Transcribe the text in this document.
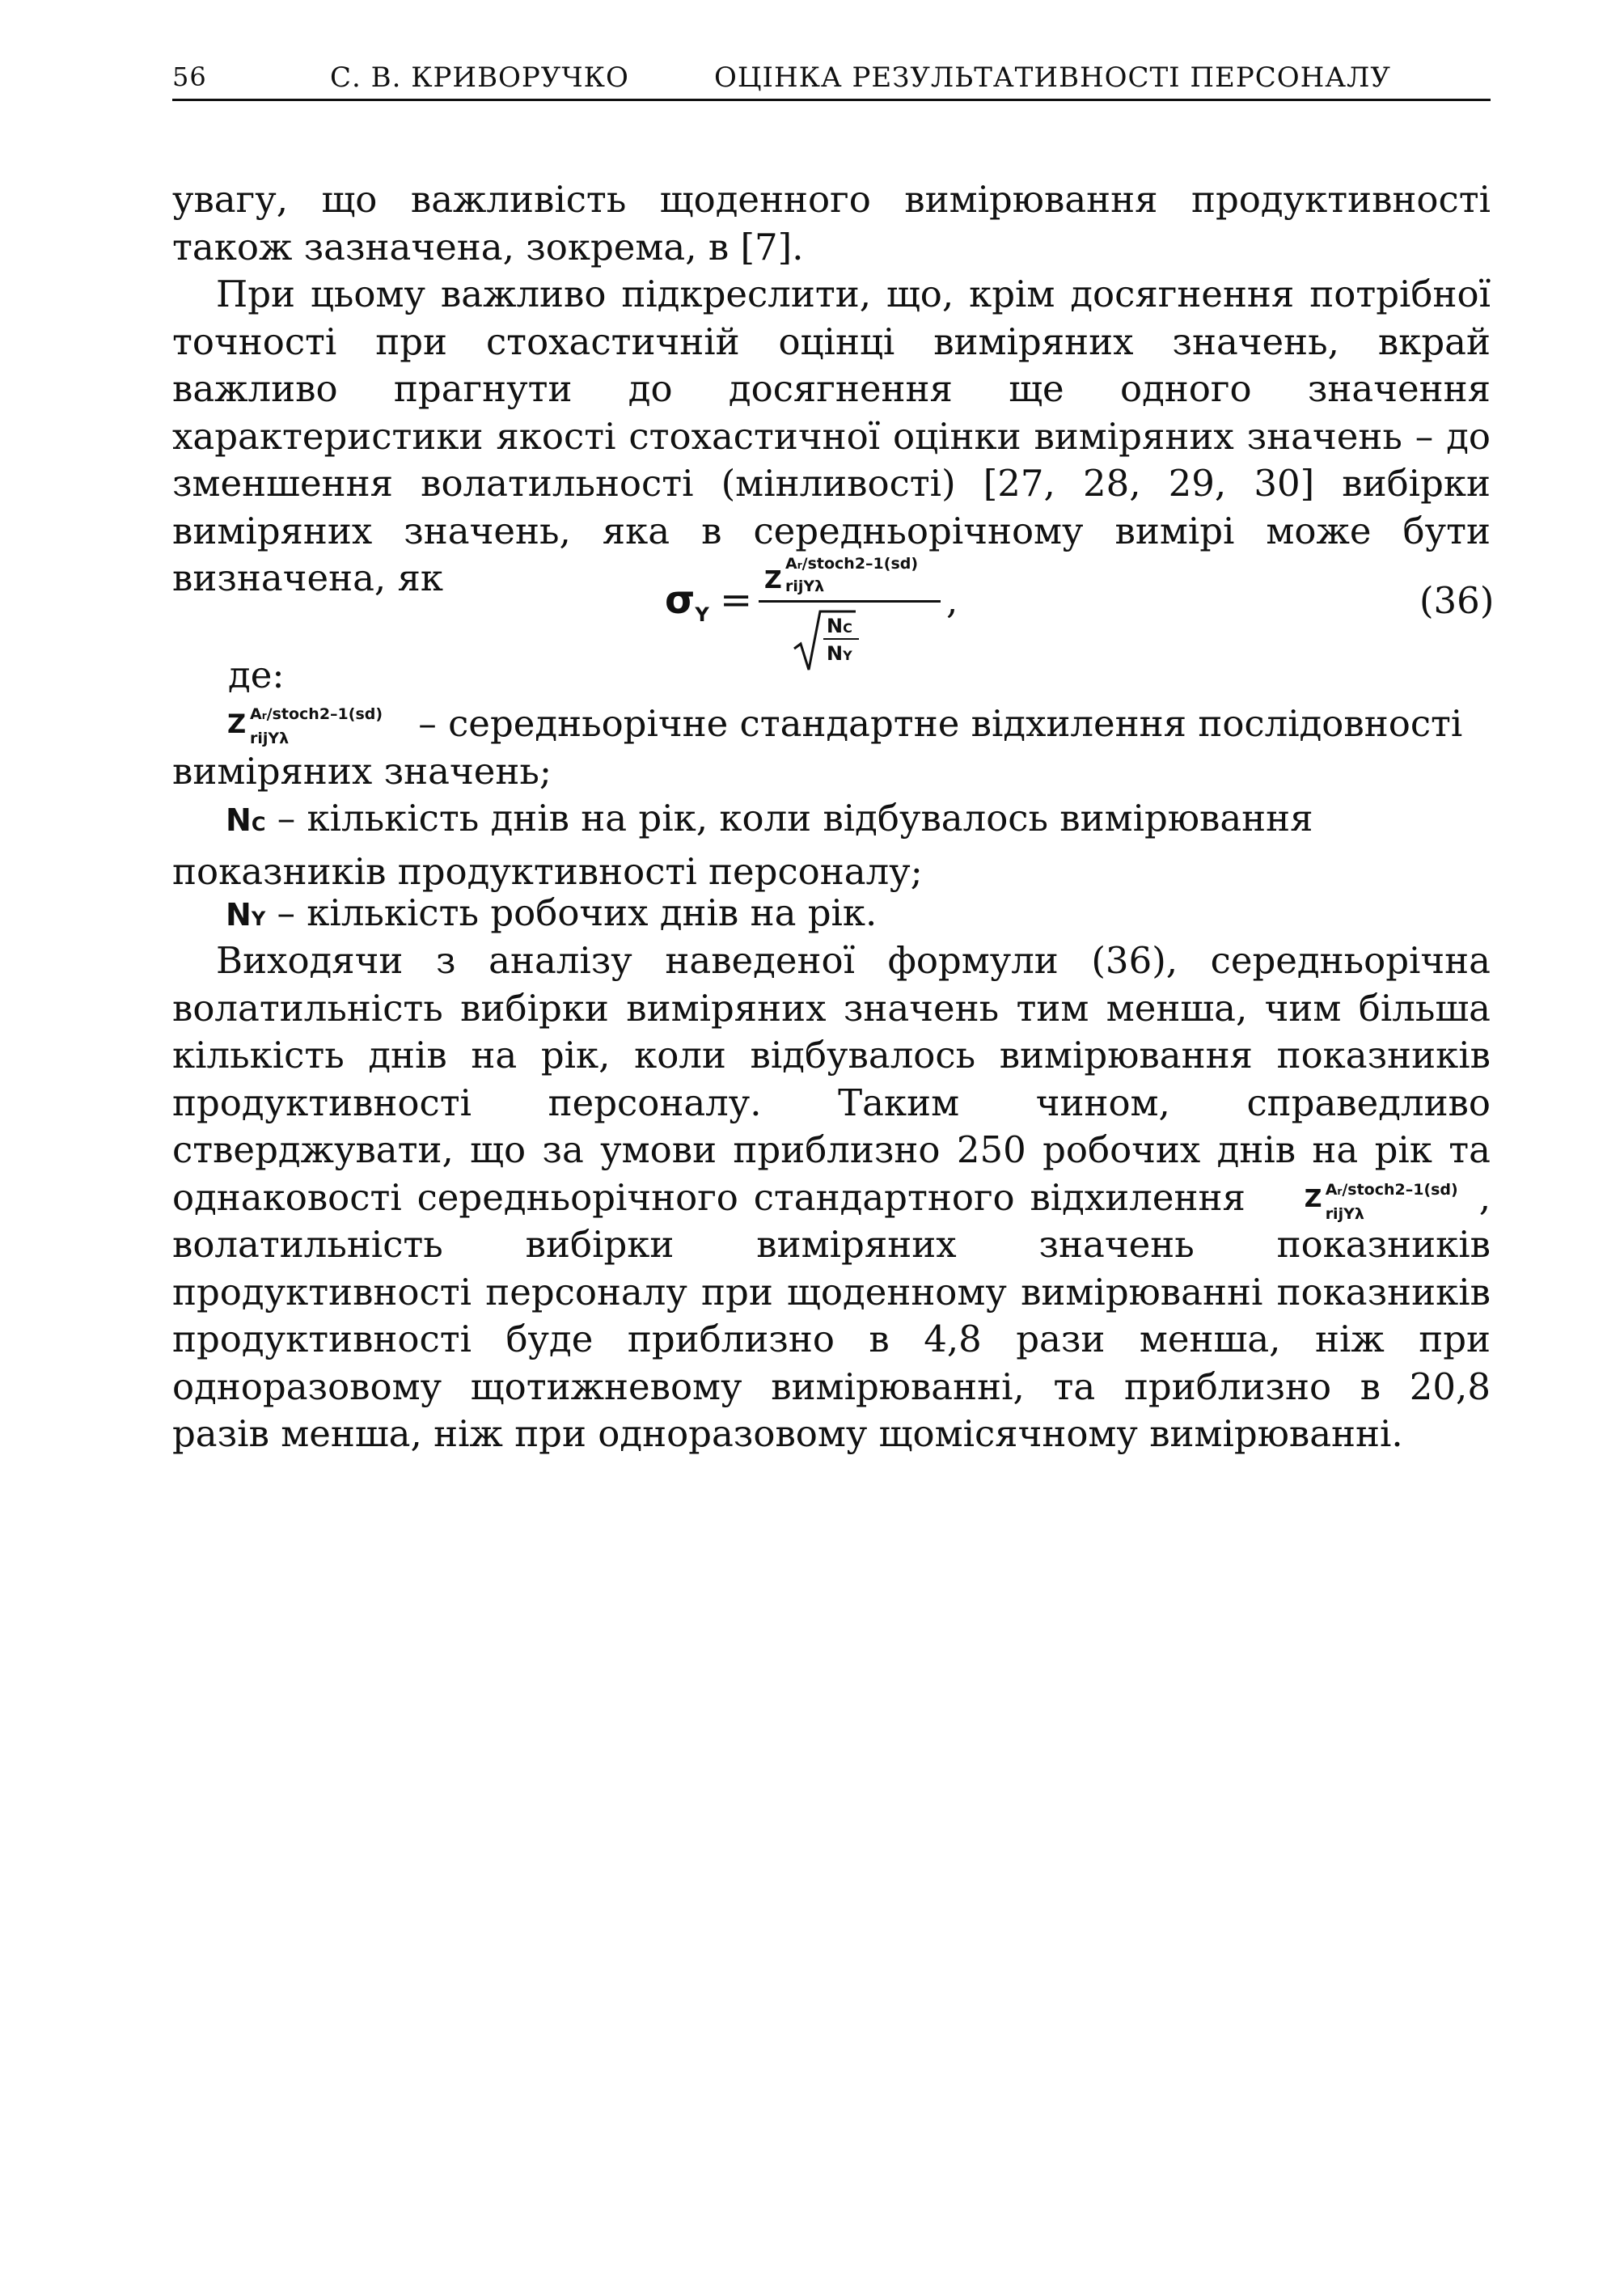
56	С. В. КРИВОРУЧКО	ОЦІНКА РЕЗУЛЬТАТИВНОСТІ ПЕРСОНАЛУ

увагу, що важливість щоденного вимірювання продуктивності також зазначена, зокрема, в [7].

При цьому важливо підкреслити, що, крім досягнення потрібної точності при стохастичній оцінці виміряних значень, вкрай важливо прагнути до досягнення ще одного значення характеристики якості стохастичної оцінки виміряних значень – до зменшення волатильності (мінливості) [27, 28, 29, 30] вибірки виміряних значень, яка в середньорічному вимірі може бути визначена, як	$\sigma_Y = Z$
Ar/stoch2–1(sd)
rijYλ
NC
NY
,	(36)
де:

Z Ar/stoch2–1(sd)
rijYλ	– середньорічне стандартне відхилення послідовності виміряних значень;

NC – кількість днів на рік, коли відбувалось вимірювання показників продуктивності персоналу;

NY – кількість робочих днів на рік.

Виходячи з аналізу наведеної формули (36), середньорічна волатильність вибірки виміряних значень тим менша, чим більша кількість днів на рік, коли відбувалось вимірювання показників продуктивності персоналу. Таким чином, справедливо стверджувати, що за умови приблизно 250 робочих днів на рік та однаковості середньорічного стандартного відхилення	Z Ar/stoch2–1(sd)
rijYλ	, волатильність вибірки виміряних значень показників продуктивності персоналу при щоденному вимірюванні показників продуктивності буде приблизно в 4,8 рази менша, ніж при одноразовому щотижневому вимірюванні, та приблизно в 20,8 разів менша, ніж при одноразовому щомісячному вимірюванні.
